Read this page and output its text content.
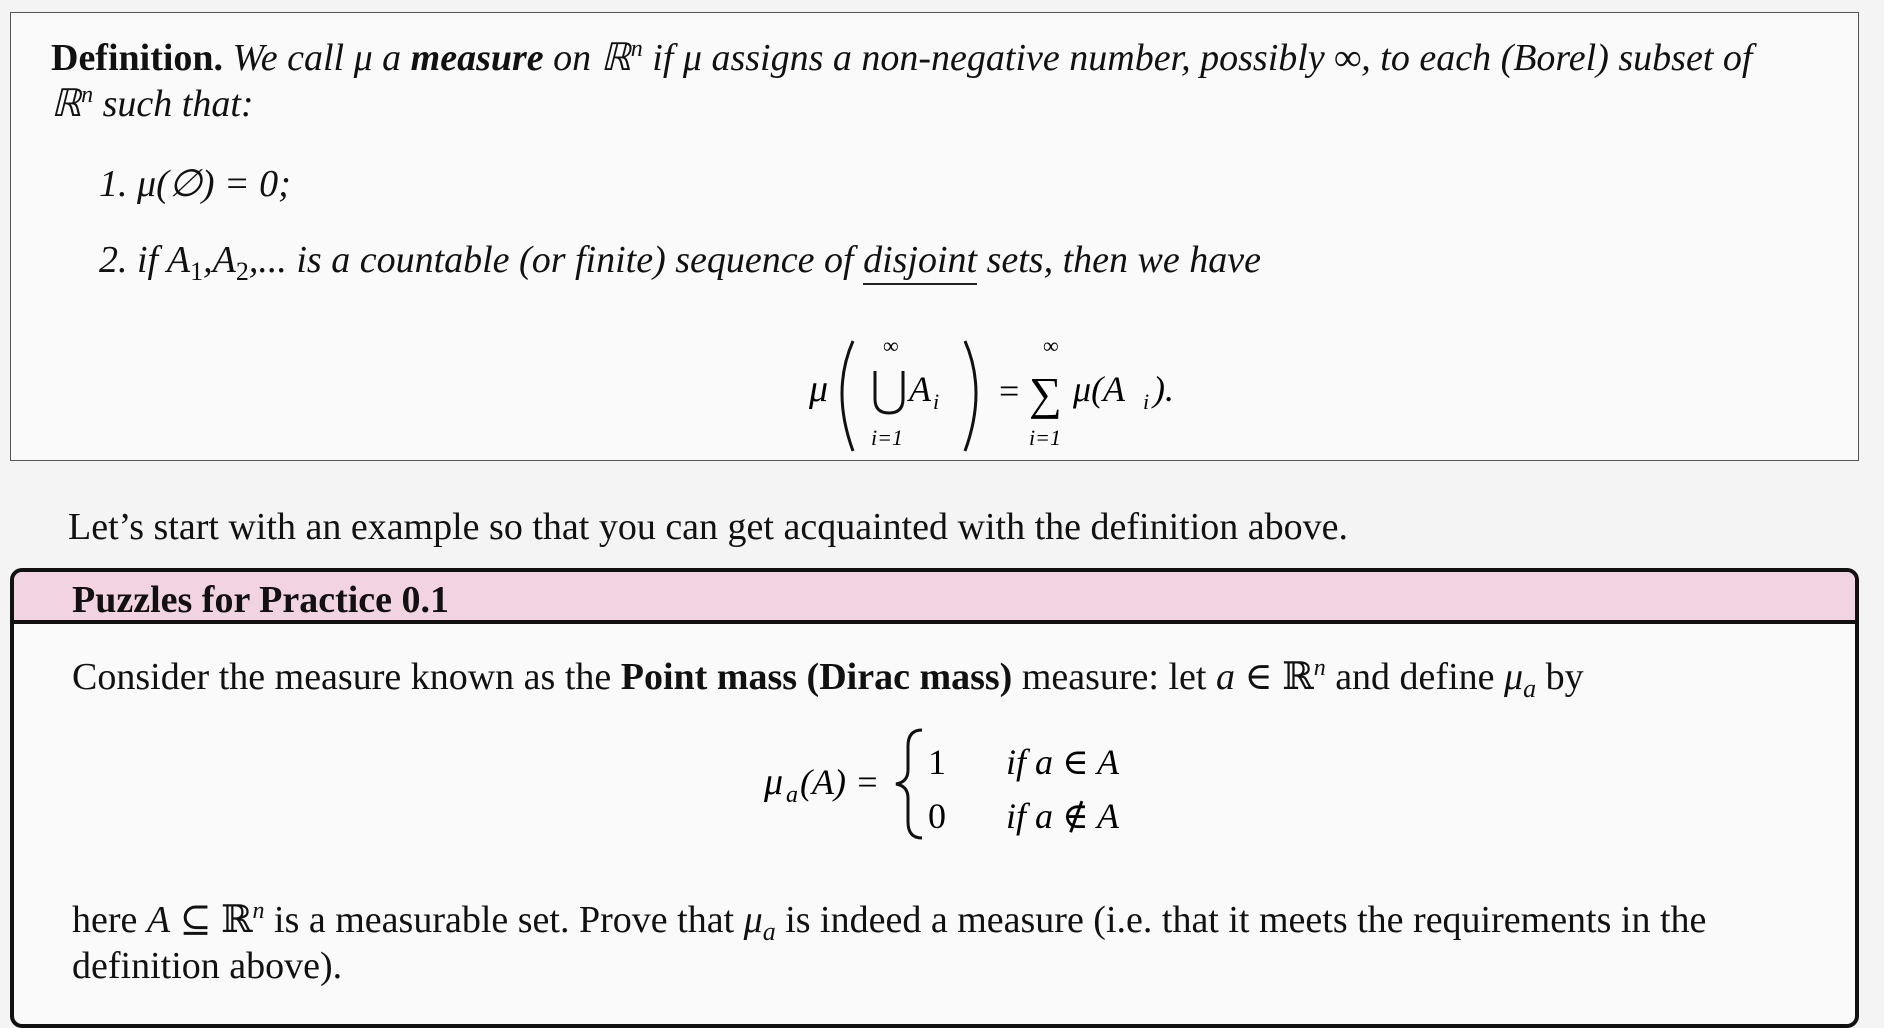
Definition. We call μ a measure on ℝ$^n$ if μ assigns a non-negative number, possibly ∞, to each (Borel) subset of
ℝ$^n$ such that:
1. μ(∅) = 0;
2. if $A_1,A_2$,... is a countable (or finite) sequence of disjoint sets, then we have
μ
∞
i=1
A i =
∞
∑
i=1
μ(A i ).
Let’s start with an example so that you can get acquainted with the definition above.
Puzzles for Practice 0.1
Consider the measure known as the Point mass (Dirac mass) measure: let a ∈ ℝ$^n$ and define $\mu_a$ by
μ a (A) = 1 if a ∈ A
0 if a ∉ A
here A ⊆ ℝ$^n$ is a measurable set. Prove that $\mu_a$ is indeed a measure (i.e. that it meets the requirements in the
definition above).
